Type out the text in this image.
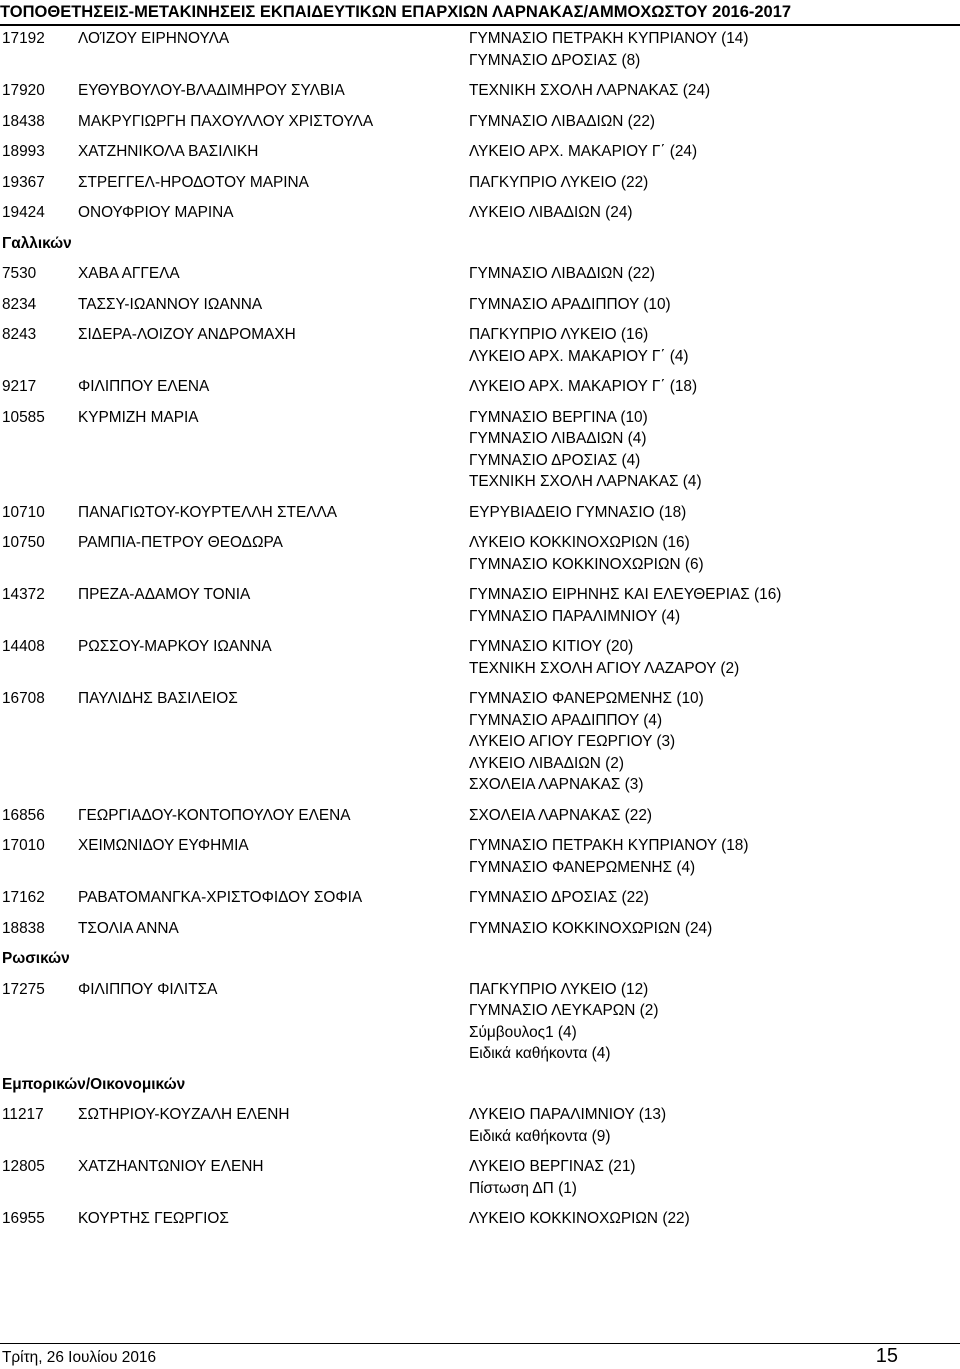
ΤΟΠΟΘΕΤΗΣΕΙΣ-ΜΕΤΑΚΙΝΗΣΕΙΣ ΕΚΠΑΙΔΕΥΤΙΚΩΝ ΕΠΑΡΧΙΩΝ ΛΑΡΝΑΚΑΣ/ΑΜΜΟΧΩΣΤΟΥ 2016-2017
17192	ΛΟΊΖΟΥ ΕΙΡΗΝΟΥΛΑ	ΓΥΜΝΑΣΙΟ ΠΕΤΡΑΚΗ ΚΥΠΡΙΑΝΟΥ (14)
ΓΥΜΝΑΣΙΟ ΔΡΟΣΙΑΣ (8)
17920	ΕΥΘΥΒΟΥΛΟΥ-ΒΛΑΔΙΜΗΡΟΥ ΣΥΛΒΙΑ	ΤΕΧΝΙΚΗ ΣΧΟΛΗ ΛΑΡΝΑΚΑΣ (24)
18438	ΜΑΚΡΥΓΙΩΡΓΗ ΠΑΧΟΥΛΛΟΥ ΧΡΙΣΤΟΥΛΑ	ΓΥΜΝΑΣΙΟ ΛΙΒΑΔΙΩΝ (22)
18993	ΧΑΤΖΗΝΙΚΟΛΑ ΒΑΣΙΛΙΚΗ	ΛΥΚΕΙΟ ΑΡΧ. ΜΑΚΑΡΙΟΥ Γ΄ (24)
19367	ΣΤΡΕΓΓΕΛ-ΗΡΟΔΟΤΟΥ ΜΑΡΙΝΑ	ΠΑΓΚΥΠΡΙΟ ΛΥΚΕΙΟ (22)
19424	ΟΝΟΥΦΡΙΟΥ ΜΑΡΙΝΑ	ΛΥΚΕΙΟ ΛΙΒΑΔΙΩΝ (24)
Γαλλικών
7530	ΧΑΒΑ ΑΓΓΕΛΑ	ΓΥΜΝΑΣΙΟ ΛΙΒΑΔΙΩΝ (22)
8234	ΤΑΣΣΥ-ΙΩΑΝΝΟΥ ΙΩΑΝΝΑ	ΓΥΜΝΑΣΙΟ ΑΡΑΔΙΠΠΟΥ (10)
8243	ΣΙΔΕΡΑ-ΛΟΙΖΟΥ ΑΝΔΡΟΜΑΧΗ	ΠΑΓΚΥΠΡΙΟ ΛΥΚΕΙΟ (16)
ΛΥΚΕΙΟ ΑΡΧ. ΜΑΚΑΡΙΟΥ Γ΄ (4)
9217	ΦΙΛΙΠΠΟΥ ΕΛΕΝΑ	ΛΥΚΕΙΟ ΑΡΧ. ΜΑΚΑΡΙΟΥ Γ΄ (18)
10585	ΚΥΡΜΙΖΗ ΜΑΡΙΑ	ΓΥΜΝΑΣΙΟ ΒΕΡΓΙΝΑ (10)
ΓΥΜΝΑΣΙΟ ΛΙΒΑΔΙΩΝ (4)
ΓΥΜΝΑΣΙΟ ΔΡΟΣΙΑΣ (4)
ΤΕΧΝΙΚΗ ΣΧΟΛΗ ΛΑΡΝΑΚΑΣ (4)
10710	ΠΑΝΑΓΙΩΤΟΥ-ΚΟΥΡΤΕΛΛΗ ΣΤΕΛΛΑ	ΕΥΡΥΒΙΑΔΕΙΟ ΓΥΜΝΑΣΙΟ (18)
10750	ΡΑΜΠΙΑ-ΠΕΤΡΟΥ ΘΕΟΔΩΡΑ	ΛΥΚΕΙΟ ΚΟΚΚΙΝΟΧΩΡΙΩΝ (16)
ΓΥΜΝΑΣΙΟ ΚΟΚΚΙΝΟΧΩΡΙΩΝ (6)
14372	ΠΡΕΖΑ-ΑΔΑΜΟΥ ΤΟΝΙΑ	ΓΥΜΝΑΣΙΟ ΕΙΡΗΝΗΣ ΚΑΙ ΕΛΕΥΘΕΡΙΑΣ (16)
ΓΥΜΝΑΣΙΟ ΠΑΡΑΛΙΜΝΙΟΥ (4)
14408	ΡΩΣΣΟΥ-ΜΑΡΚΟΥ ΙΩΑΝΝΑ	ΓΥΜΝΑΣΙΟ ΚΙΤΙΟΥ (20)
ΤΕΧΝΙΚΗ ΣΧΟΛΗ ΑΓΙΟΥ ΛΑΖΑΡΟΥ (2)
16708	ΠΑΥΛΙΔΗΣ ΒΑΣΙΛΕΙΟΣ	ΓΥΜΝΑΣΙΟ ΦΑΝΕΡΩΜΕΝΗΣ (10)
ΓΥΜΝΑΣΙΟ ΑΡΑΔΙΠΠΟΥ (4)
ΛΥΚΕΙΟ ΑΓΙΟΥ ΓΕΩΡΓΙΟΥ (3)
ΛΥΚΕΙΟ ΛΙΒΑΔΙΩΝ (2)
ΣΧΟΛΕΙΑ ΛΑΡΝΑΚΑΣ (3)
16856	ΓΕΩΡΓΙΑΔΟΥ-ΚΟΝΤΟΠΟΥΛΟΥ ΕΛΕΝΑ	ΣΧΟΛΕΙΑ ΛΑΡΝΑΚΑΣ (22)
17010	ΧΕΙΜΩΝΙΔΟΥ ΕΥΦΗΜΙΑ	ΓΥΜΝΑΣΙΟ ΠΕΤΡΑΚΗ ΚΥΠΡΙΑΝΟΥ (18)
ΓΥΜΝΑΣΙΟ ΦΑΝΕΡΩΜΕΝΗΣ (4)
17162	ΡΑΒΑΤΟΜΑΝΓΚΑ-ΧΡΙΣΤΟΦΙΔΟΥ ΣΟΦΙΑ	ΓΥΜΝΑΣΙΟ ΔΡΟΣΙΑΣ (22)
18838	ΤΣΟΛΙΑ ΑΝΝΑ	ΓΥΜΝΑΣΙΟ ΚΟΚΚΙΝΟΧΩΡΙΩΝ (24)
Ρωσικών
17275	ΦΙΛΙΠΠΟΥ ΦΙΛΙΤΣΑ	ΠΑΓΚΥΠΡΙΟ ΛΥΚΕΙΟ (12)
ΓΥΜΝΑΣΙΟ ΛΕΥΚΑΡΩΝ (2)
Σύμβουλος1 (4)
Ειδικά καθήκοντα (4)
Εμπορικών/Οικονομικών
11217	ΣΩΤΗΡΙΟΥ-ΚΟΥΖΑΛΗ ΕΛΕΝΗ	ΛΥΚΕΙΟ ΠΑΡΑΛΙΜΝΙΟΥ (13)
Ειδικά καθήκοντα (9)
12805	ΧΑΤΖΗΑΝΤΩΝΙΟΥ ΕΛΕΝΗ	ΛΥΚΕΙΟ ΒΕΡΓΙΝΑΣ (21)
Πίστωση ΔΠ (1)
16955	ΚΟΥΡΤΗΣ ΓΕΩΡΓΙΟΣ	ΛΥΚΕΙΟ ΚΟΚΚΙΝΟΧΩΡΙΩΝ (22)
Τρίτη, 26 Ιουλίου 2016	15
